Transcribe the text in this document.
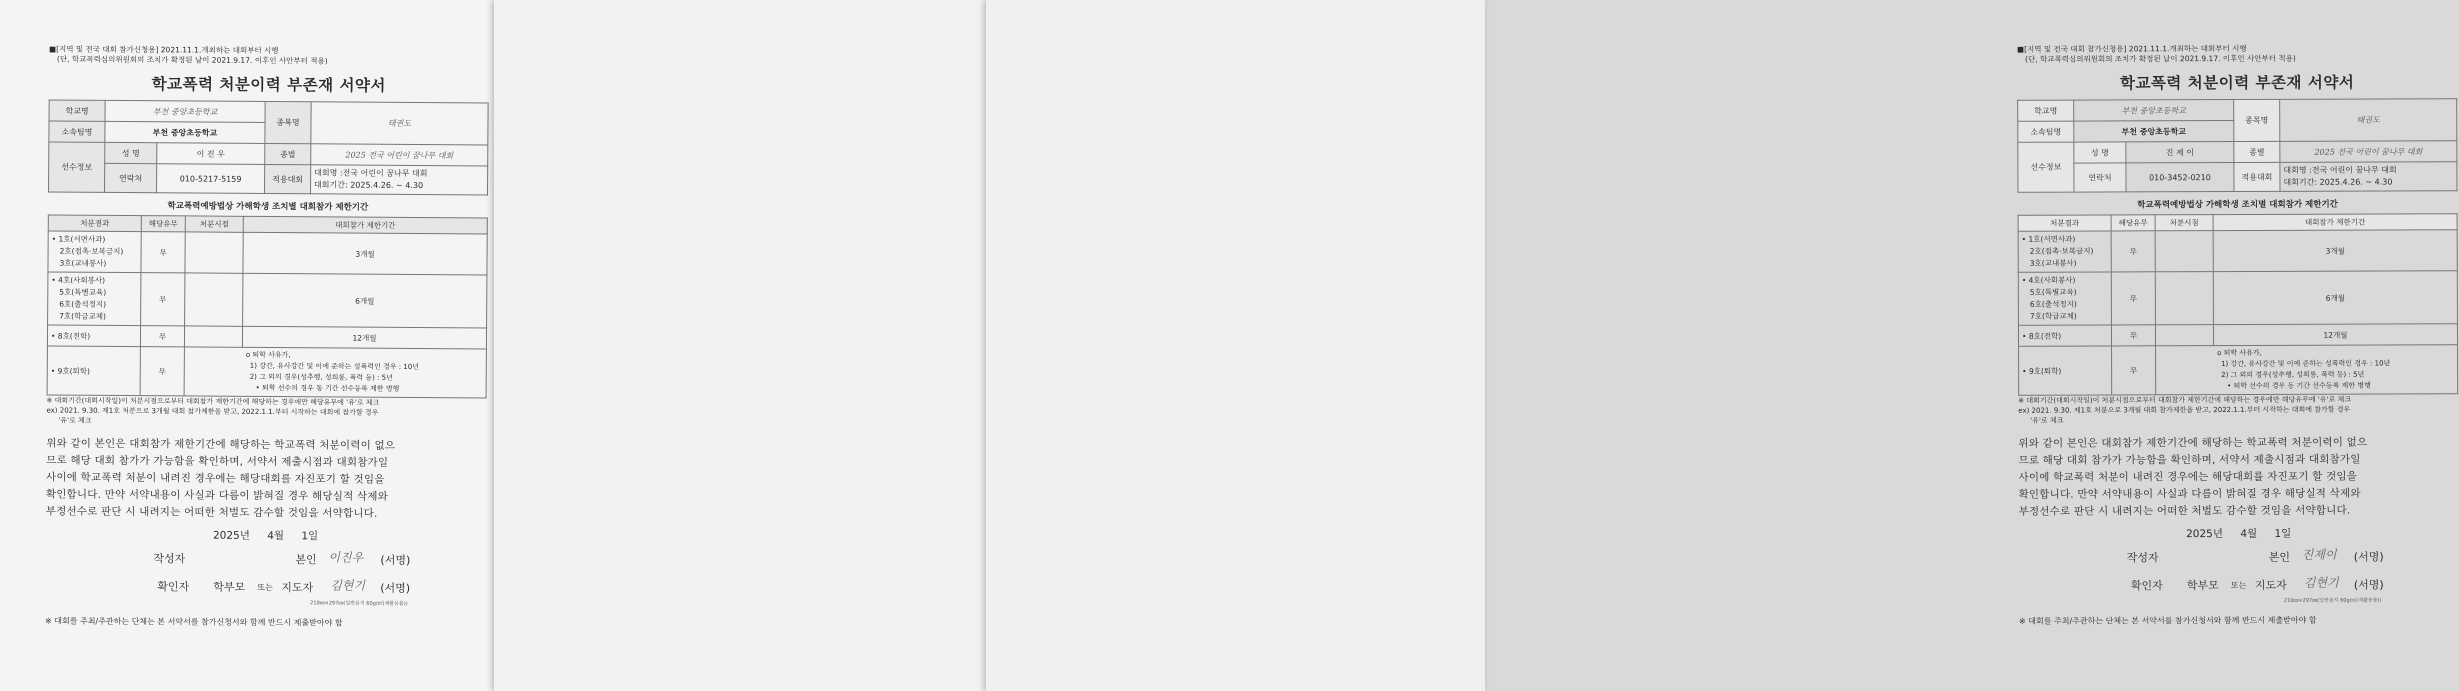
■[지역 및 전국 대회 참가신청용] 2021.11.1.개최하는 대회부터 시행
(단, 학교폭력심의위원회의 조치가 확정된 날이 2021.9.17. 이후인 사안부터 적용)
학교폭력 처분이력 부존재 서약서
학교명	부천 중앙초등학교		종목명	태권도
소속팀명	부천 중앙초등학교			
선수정보	성 명	이 진 우	종별	2025 전국 어린이 꿈나무 대회
	연락처	010-5217-5159	적용대회	대회명 :전국 어린이 꿈나무 대회
대회기간: 2025.4.26. ~ 4.30
학교폭력예방법상 가해학생 조치별 대회참가 제한기간
처분결과	해당유무	처분시점	대회참가 제한기간

• 1호(서면사과)
2호(접촉·보복금지)
3호(교내봉사)	무		3개월

• 4호(사회봉사)
5호(특별교육)
6호(출석정지)
7호(학급교체)	무		6개월
• 8호(전학)	무		12개월
• 9호(퇴학)	무	o 퇴학 사유가,
1) 강간, 유사강간 및 이에 준하는 성폭력인 경우 : 10년
2) 그 외의 경우(성추행, 성희롱, 폭력 등) : 5년
• 퇴학 선수의 경우 동 기간 선수등록 제한 병행	
※ 대회기간(대회시작일)이 처분시점으로부터 대회참가 제한기간에 해당하는 경우에만 해당유무에 '유'로 체크
ex) 2021. 9.30. 제1호 처분으로 3개월 대회 참가제한을 받고, 2022.1.1.부터 시작하는 대회에 참가할 경우
'유'로 체크
위와 같이 본인은 대회참가 제한기간에 해당하는 학교폭력 처분이력이 없으
므로 해당 대회 참가가 가능함을 확인하며, 서약서 제출시점과 대회참가일
사이에 학교폭력 처분이 내려진 경우에는 해당대회를 자진포기 할 것임을
확인합니다. 만약 서약내용이 사실과 다름이 밝혀질 경우 해당실적 삭제와
부정선수로 판단 시 내려지는 어떠한 처벌도 감수할 것임을 서약합니다.
2025년 4월 1일
작성자	본인 이진우 (서명)
확인자 학부모 또는 지도자 김현기 (서명)
210㎜×297㎜(일반용지 60g/㎡(재활용품))
※ 대회를 주최/주관하는 단체는 본 서약서를 참가신청서와 함께 반드시 제출받아야 함

■[지역 및 전국 대회 참가신청용] 2021.11.1.개최하는 대회부터 시행
(단, 학교폭력심의위원회의 조치가 확정된 날이 2021.9.17. 이후인 사안부터 적용)
학교폭력 처분이력 부존재 서약서
학교명	부천 중앙초등학교		종목명	태권도
소속팀명	부천 중앙초등학교			
선수정보	성 명	진 제 이	종별	2025 전국 어린이 꿈나무 대회
	연락처	010-3452-0210	적용대회	대회명 :전국 어린이 꿈나무 대회
대회기간: 2025.4.26. ~ 4.30
학교폭력예방법상 가해학생 조치별 대회참가 제한기간
처분결과	해당유무	처분시점	대회참가 제한기간

• 1호(서면사과)
2호(접촉·보복금지)
3호(교내봉사)	무		3개월

• 4호(사회봉사)
5호(특별교육)
6호(출석정지)
7호(학급교체)	무		6개월
• 8호(전학)	무		12개월
• 9호(퇴학)	무	o 퇴학 사유가,
1) 강간, 유사강간 및 이에 준하는 성폭력인 경우 : 10년
2) 그 외의 경우(성추행, 성희롱, 폭력 등) : 5년
• 퇴학 선수의 경우 동 기간 선수등록 제한 병행	
※ 대회기간(대회시작일)이 처분시점으로부터 대회참가 제한기간에 해당하는 경우에만 해당유무에 '유'로 체크
ex) 2021. 9.30. 제1호 처분으로 3개월 대회 참가제한을 받고, 2022.1.1.부터 시작하는 대회에 참가할 경우
'유'로 체크
위와 같이 본인은 대회참가 제한기간에 해당하는 학교폭력 처분이력이 없으
므로 해당 대회 참가가 가능함을 확인하며, 서약서 제출시점과 대회참가일
사이에 학교폭력 처분이 내려진 경우에는 해당대회를 자진포기 할 것임을
확인합니다. 만약 서약내용이 사실과 다름이 밝혀질 경우 해당실적 삭제와
부정선수로 판단 시 내려지는 어떠한 처벌도 감수할 것임을 서약합니다.
2025년 4월 1일
작성자	본인 진제이 (서명)
확인자 학부모 또는 지도자 김현기 (서명)
210㎜×297㎜(일반용지 60g/㎡(재활용품))
※ 대회를 주최/주관하는 단체는 본 서약서를 참가신청서와 함께 반드시 제출받아야 함
